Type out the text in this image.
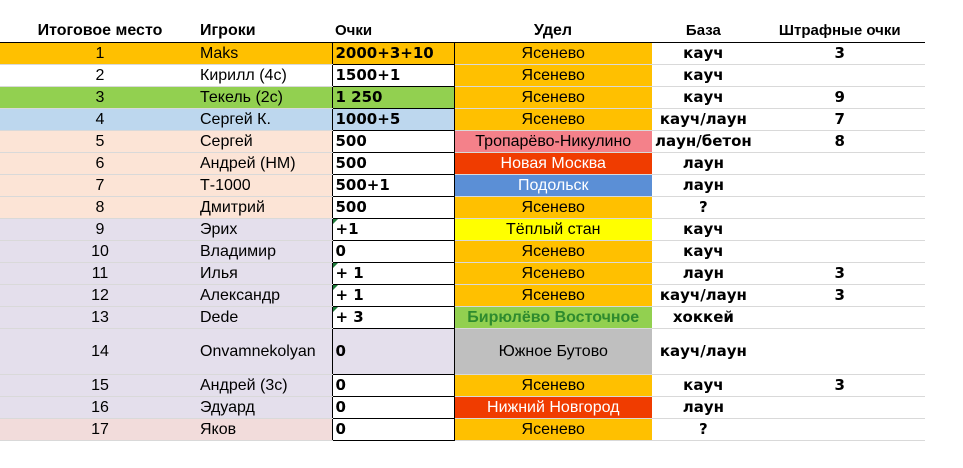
Итоговое место	Игроки	Очки	Удел	База	Штрафные очки
1	Maks	2000+3+10	Ясенево	кауч	3
2	Кирилл (4с)	1500+1	Ясенево	кауч	
3	Текель (2с)	1 250	Ясенево	кауч	9
4	Сергей К.	1000+5	Ясенево	кауч/лаун	7
5	Сергей	500	Тропарёво-Никулино	лаун/бетон	8
6	Андрей (НМ)	500	Новая Москва	лаун	
7	Т-1000	500+1	Подольск	лаун	
8	Дмитрий	500	Ясенево	?	
9	Эрих	+1	Тёплый стан	кауч	
10	Владимир	0	Ясенево	кауч	
11	Илья	+ 1	Ясенево	лаун	3
12	Александр	+ 1	Ясенево	кауч/лаун	3
13	Dede	+ 3	Бирюлёво Восточное	хоккей	
14	Onvamnekolyan	0	Южное Бутово	кауч/лаун	
15	Андрей (3с)	0	Ясенево	кауч	3
16	Эдуард	0	Нижний Новгород	лаун	
17	Яков	0	Ясенево	?	
